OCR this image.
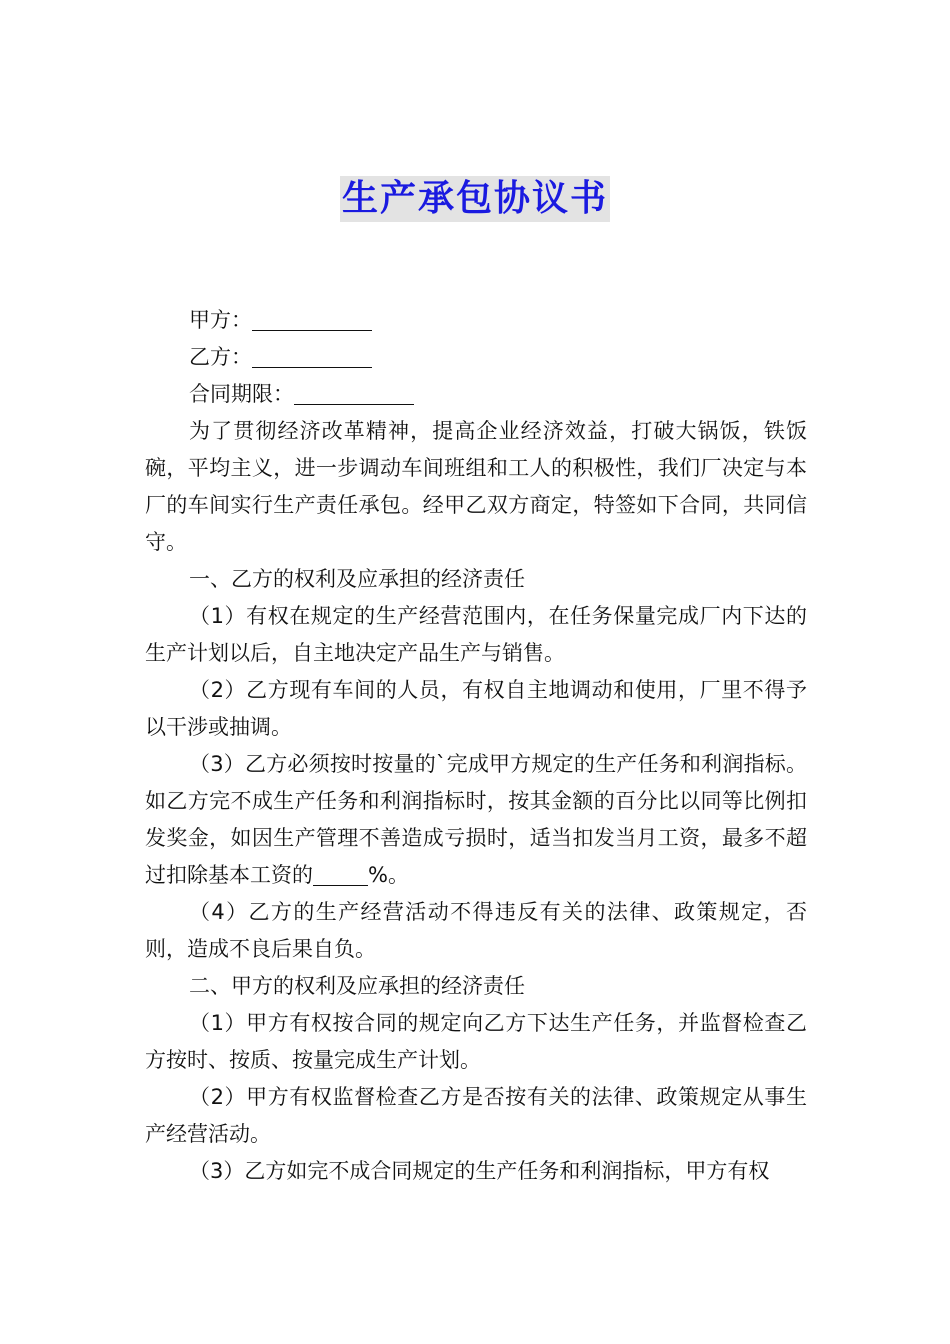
生产承包协议书

甲方：

乙方：

合同期限：

为了贯彻经济改革精神，提高企业经济效益，打破大锅饭，铁饭碗，平均主义，进一步调动车间班组和工人的积极性，我们厂决定与本厂的车间实行生产责任承包。经甲乙双方商定，特签如下合同，共同信守。

一、乙方的权利及应承担的经济责任

（1）有权在规定的生产经营范围内，在任务保量完成厂内下达的生产计划以后，自主地决定产品生产与销售。

（2）乙方现有车间的人员，有权自主地调动和使用，厂里不得予以干涉或抽调。

（3）乙方必须按时按量的`完成甲方规定的生产任务和利润指标。如乙方完不成生产任务和利润指标时，按其金额的百分比以同等比例扣发奖金，如因生产管理不善造成亏损时，适当扣发当月工资，最多不超过扣除基本工资的	%。

（4）乙方的生产经营活动不得违反有关的法律、政策规定，否则，造成不良后果自负。

二、甲方的权利及应承担的经济责任

（1）甲方有权按合同的规定向乙方下达生产任务，并监督检查乙方按时、按质、按量完成生产计划。

（2）甲方有权监督检查乙方是否按有关的法律、政策规定从事生产经营活动。

（3）乙方如完不成合同规定的生产任务和利润指标，甲方有权
